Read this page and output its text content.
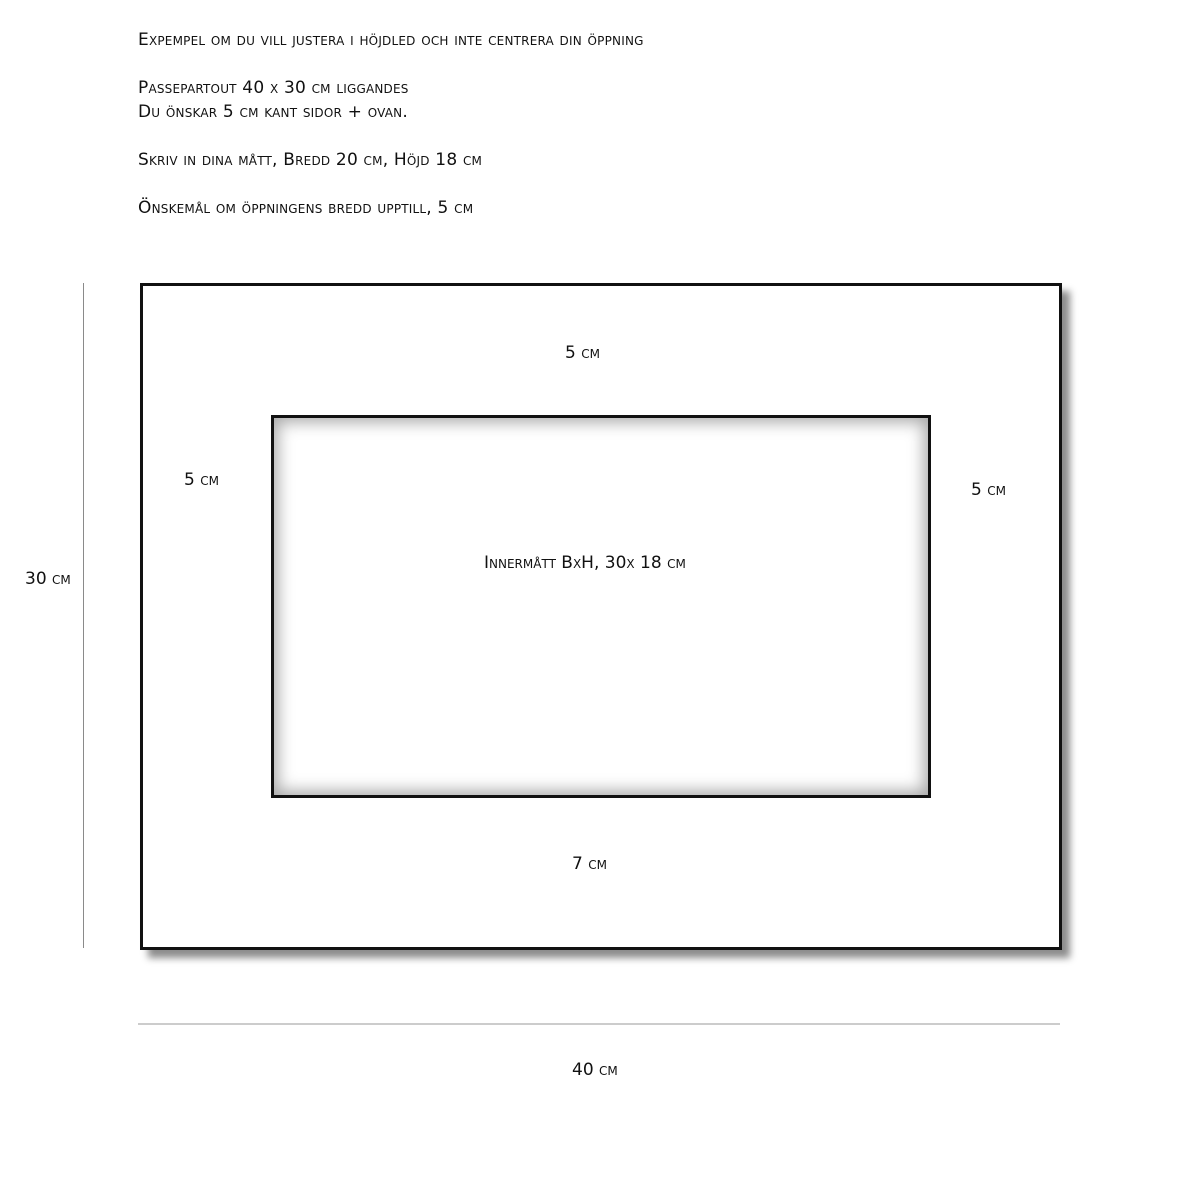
Expempel om du vill justera i höjdled och inte centrera din öppning
Passepartout 40 x 30 cm liggandes
Du önskar 5 cm kant sidor + ovan.
Skriv in dina mått, Bredd 20 cm, Höjd 18 cm
Önskemål om öppningens bredd upptill, 5 cm
30 cm
5 cm
5 cm	5 cm
Innermått BxH, 30x 18 cm
7 cm
40 cm
